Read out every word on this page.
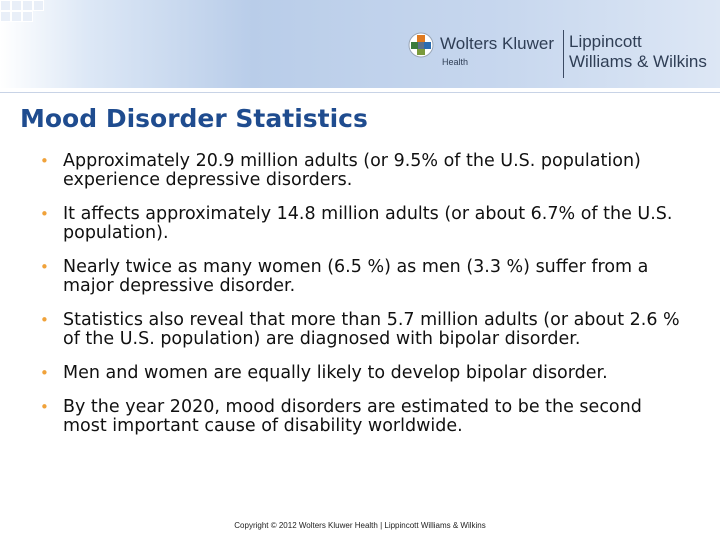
Wolters Kluwer
Health
Lippincott
Williams & Wilkins
Mood Disorder Statistics
• Approximately 20.9 million adults (or 9.5% of the U.S. population) experience depressive disorders.
• It affects approximately 14.8 million adults (or about 6.7% of the U.S. population).
• Nearly twice as many women (6.5 %) as men (3.3 %) suffer from a major depressive disorder.
• Statistics also reveal that more than 5.7 million adults (or about 2.6 % of the U.S. population) are diagnosed with bipolar disorder.
• Men and women are equally likely to develop bipolar disorder.
• By the year 2020, mood disorders are estimated to be the second most important cause of disability worldwide.
Copyright © 2012 Wolters Kluwer Health | Lippincott Williams & Wilkins
